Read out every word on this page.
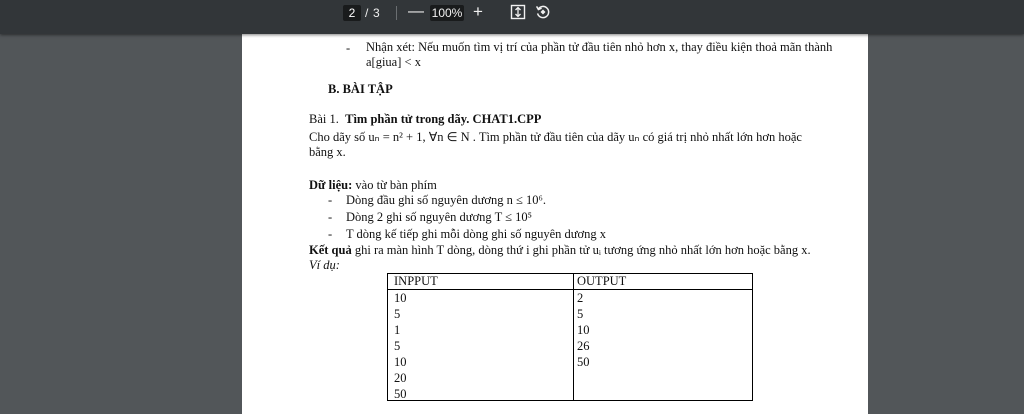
2 / 3 — 100% +
- Nhận xét: Nếu muốn tìm vị trí của phần tử đầu tiên nhỏ hơn x, thay điều kiện thoả mãn thành
a[giua] < x
B. BÀI TẬP
Bài 1. Tìm phần tử trong dãy. CHAT1.CPP
Cho dãy số uₙ = n² + 1, ∀n ∈ N . Tìm phần tử đầu tiên của dãy uₙ có giá trị nhỏ nhất lớn hơn hoặc
bằng x.
Dữ liệu: vào từ bàn phím
- Dòng đầu ghi số nguyên dương n ≤ 10⁶.
- Dòng 2 ghi số nguyên dương T ≤ 10⁵
- T dòng kế tiếp ghi mỗi dòng ghi số nguyên dương x
Kết quả ghi ra màn hình T dòng, dòng thứ i ghi phần tử uᵢ tương ứng nhỏ nhất lớn hơn hoặc bằng x.
Ví dụ:
INPPUT	OUTPUT
10
5
1
5
10
20
50
2
5
10
26
50
